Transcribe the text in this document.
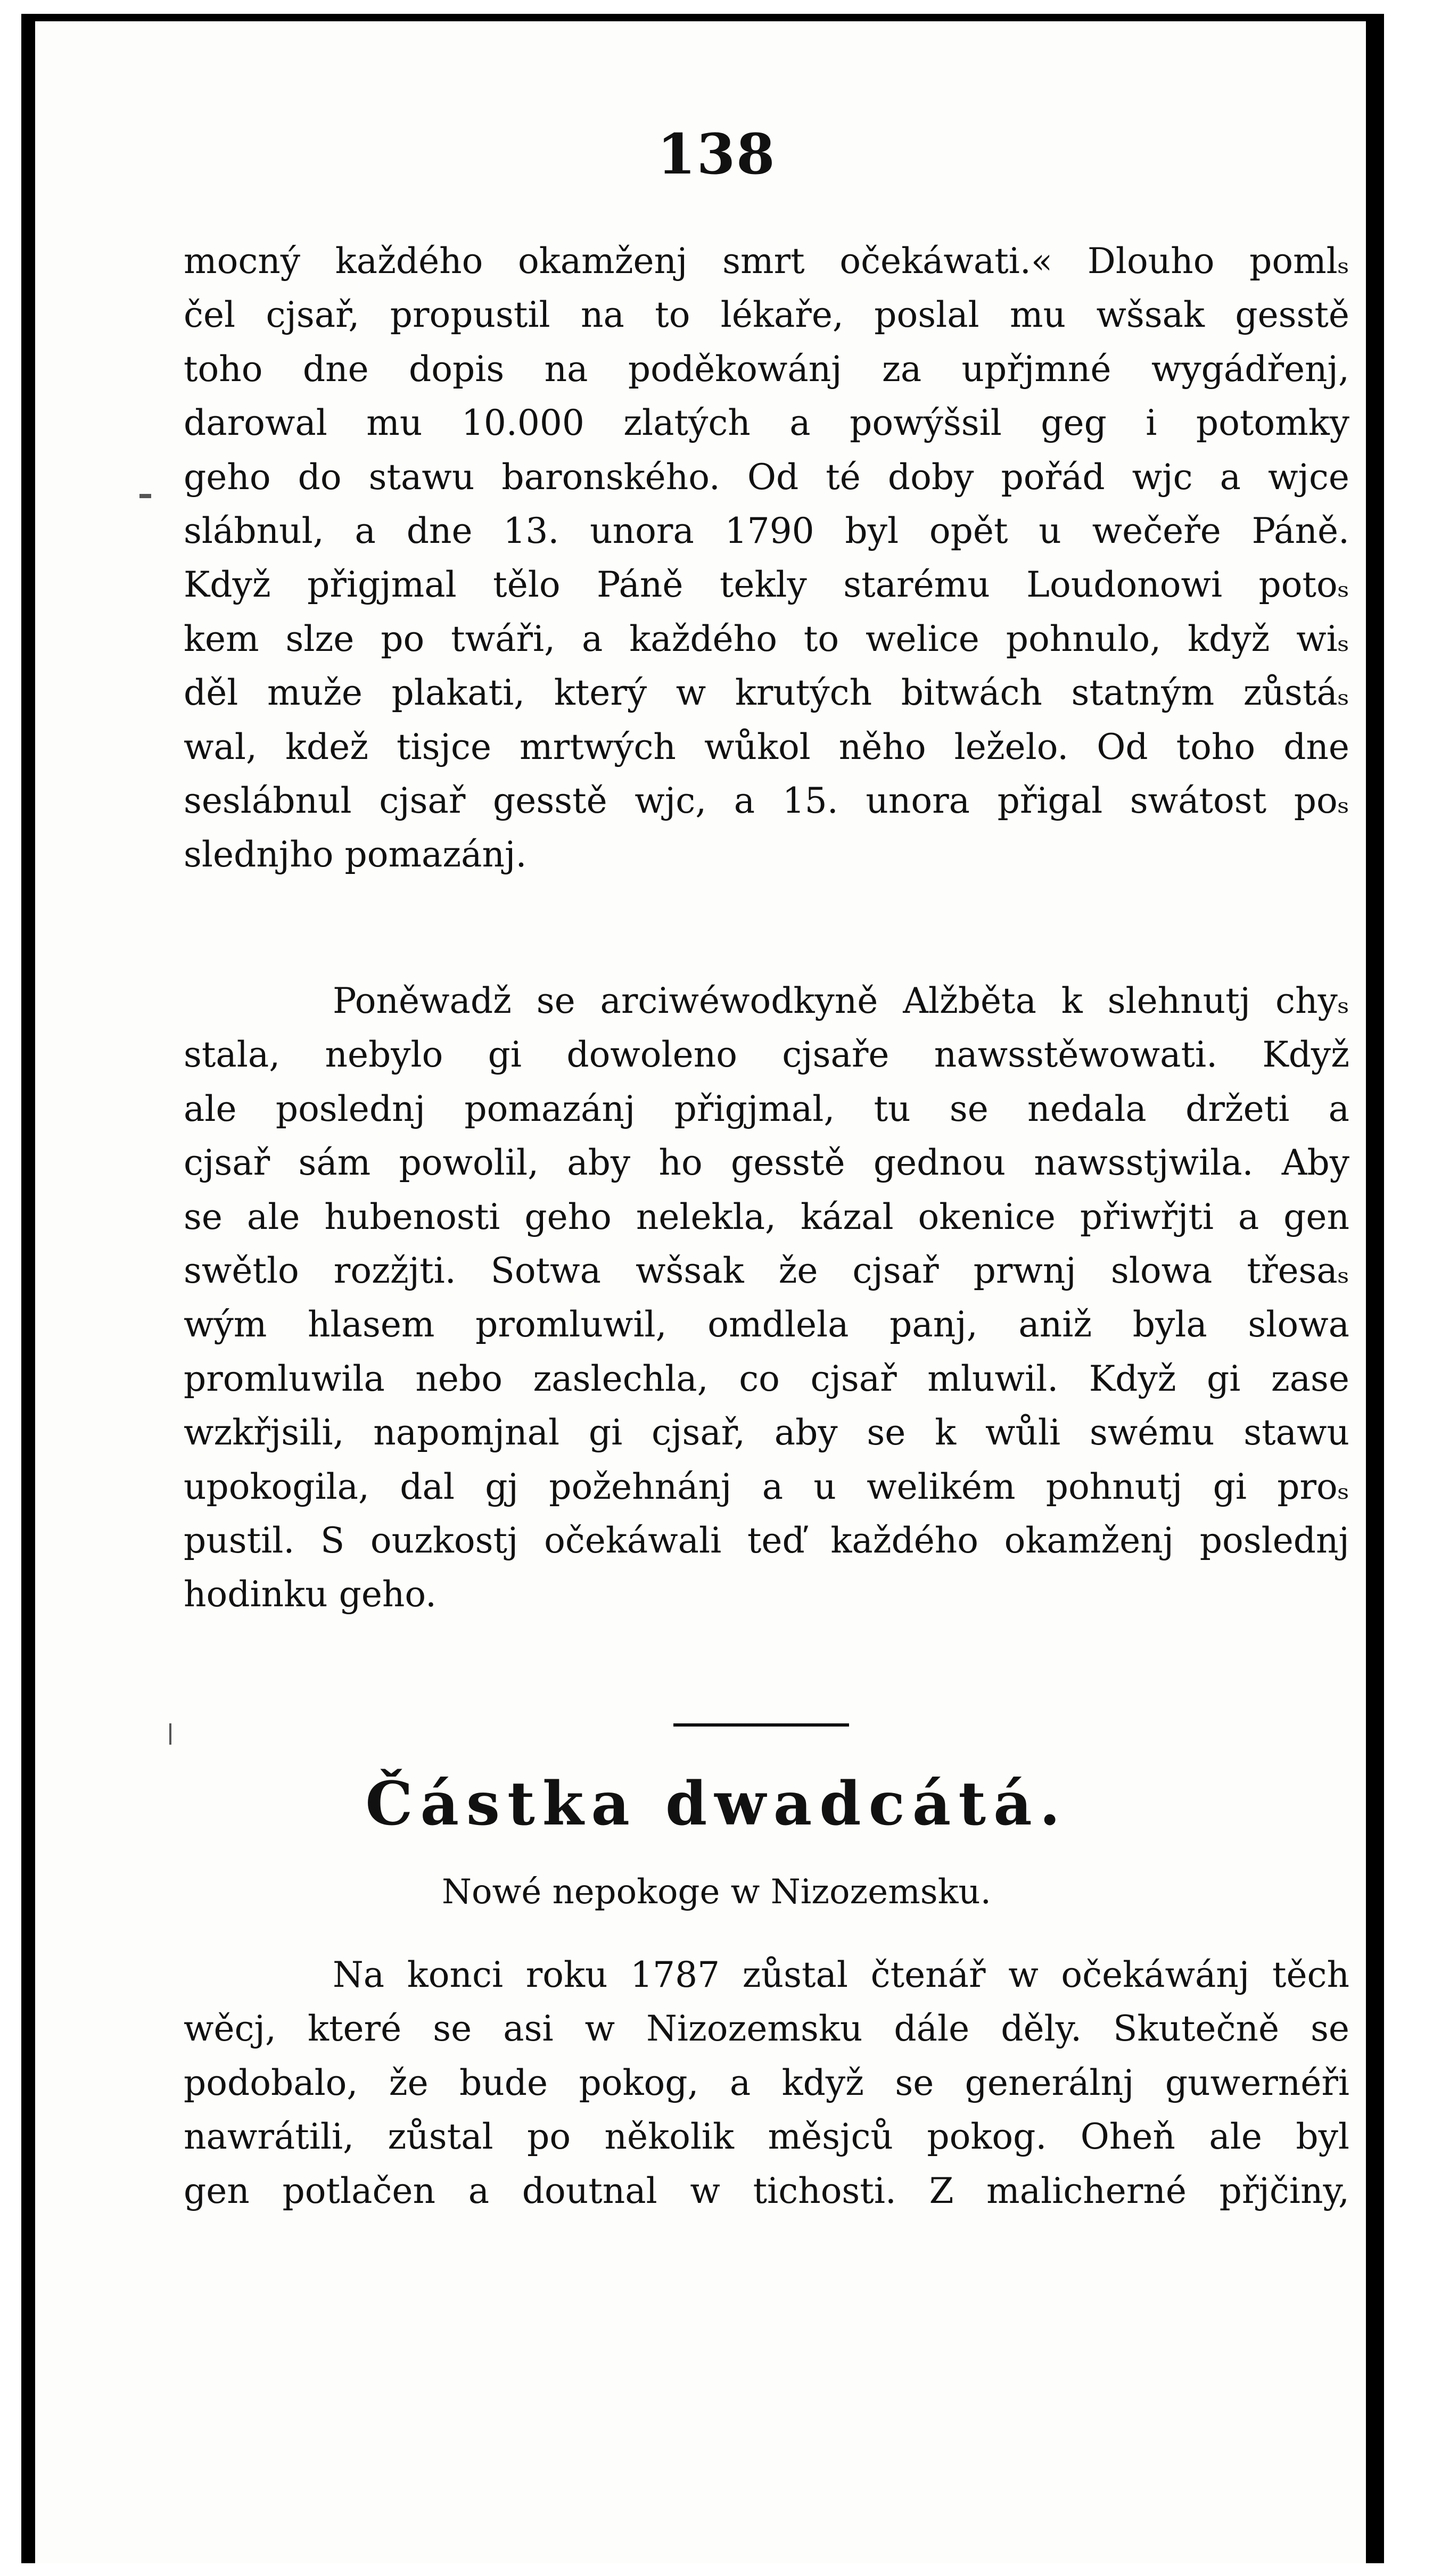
138
mocný každého okamženj smrt očekáwati.« Dlouho pomlₛ
čel cjsař, propustil na to lékaře, poslal mu wšsak gesstě
toho dne dopis na poděkowánj za upřjmné wygádřenj,
darowal mu 10.000 zlatých a powýšsil geg i potomky
geho do stawu baronského. Od té doby pořád wjc a wjce
slábnul, a dne 13. unora 1790 byl opět u wečeře Páně.
Když přigjmal tělo Páně tekly starému Loudonowi potoₛ
kem slze po twáři, a každého to welice pohnulo, když wiₛ
děl muže plakati, který w krutých bitwách statným zůstáₛ
wal, kdež tisjce mrtwých wůkol něho leželo. Od toho dne
seslábnul cjsař gesstě wjc, a 15. unora přigal swátost poₛ
slednjho pomazánj.
Poněwadž se arciwéwodkyně Alžběta k slehnutj chyₛ
stala, nebylo gi dowoleno cjsaře nawsstěwowati. Když
ale poslednj pomazánj přigjmal, tu se nedala držeti a
cjsař sám powolil, aby ho gesstě gednou nawsstjwila. Aby
se ale hubenosti geho nelekla, kázal okenice přiwřjti a gen
swětlo rozžjti. Sotwa wšsak že cjsař prwnj slowa třesaₛ
wým hlasem promluwil, omdlela panj, aniž byla slowa
promluwila nebo zaslechla, co cjsař mluwil. Když gi zase
wzkřjsili, napomjnal gi cjsař, aby se k wůli swému stawu
upokogila, dal gj požehnánj a u welikém pohnutj gi proₛ
pustil. S ouzkostj očekáwali teď každého okamženj poslednj
hodinku geho.
Částka dwadcátá.
Nowé nepokoge w Nizozemsku.
Na konci roku 1787 zůstal čtenář w očekáwánj těch
wěcj, které se asi w Nizozemsku dále děly. Skutečně se
podobalo, že bude pokog, a když se generálnj guwernéři
nawrátili, zůstal po několik měsjců pokog. Oheň ale byl
gen potlačen a doutnal w tichosti. Z malicherné přjčiny,
